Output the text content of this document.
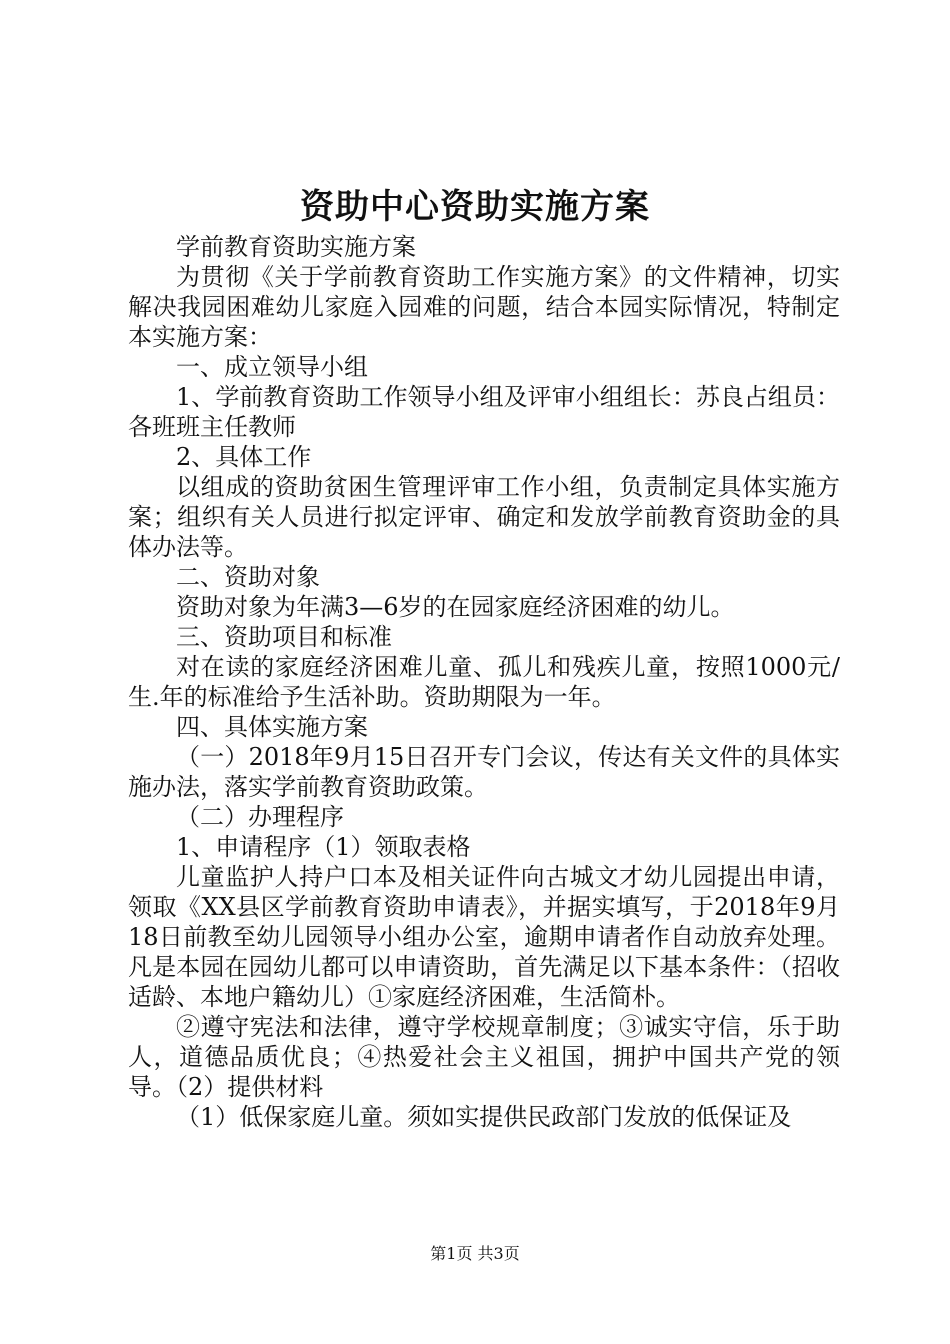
资助中心资助实施方案

学前教育资助实施方案

为贯彻《关于学前教育资助工作实施方案》的文件精神，切实解决我园困难幼儿家庭入园难的问题，结合本园实际情况，特制定本实施方案：

一、成立领导小组

1、学前教育资助工作领导小组及评审小组组长：苏良占组员：各班班主任教师

2、具体工作

以组成的资助贫困生管理评审工作小组，负责制定具体实施方案；组织有关人员进行拟定评审、确定和发放学前教育资助金的具体办法等。

二、资助对象

资助对象为年满3—6岁的在园家庭经济困难的幼儿。

三、资助项目和标准

对在读的家庭经济困难儿童、孤儿和残疾儿童，按照1000元/生.年的标准给予生活补助。资助期限为一年。

四、具体实施方案

（一）2018年9月15日召开专门会议，传达有关文件的具体实施办法，落实学前教育资助政策。

（二）办理程序

1、申请程序（1）领取表格

儿童监护人持户口本及相关证件向古城文才幼儿园提出申请，领取《XX县区学前教育资助申请表》，并据实填写，于2018年9月18日前教至幼儿园领导小组办公室，逾期申请者作自动放弃处理。凡是本园在园幼儿都可以申请资助，首先满足以下基本条件：（招收适龄、本地户籍幼儿）①家庭经济困难，生活简朴。

②遵守宪法和法律，遵守学校规章制度；③诚实守信，乐于助人，道德品质优良；④热爱社会主义祖国，拥护中国共产党的领导。（2）提供材料

（1）低保家庭儿童。须如实提供民政部门发放的低保证及

第1页 共3页
